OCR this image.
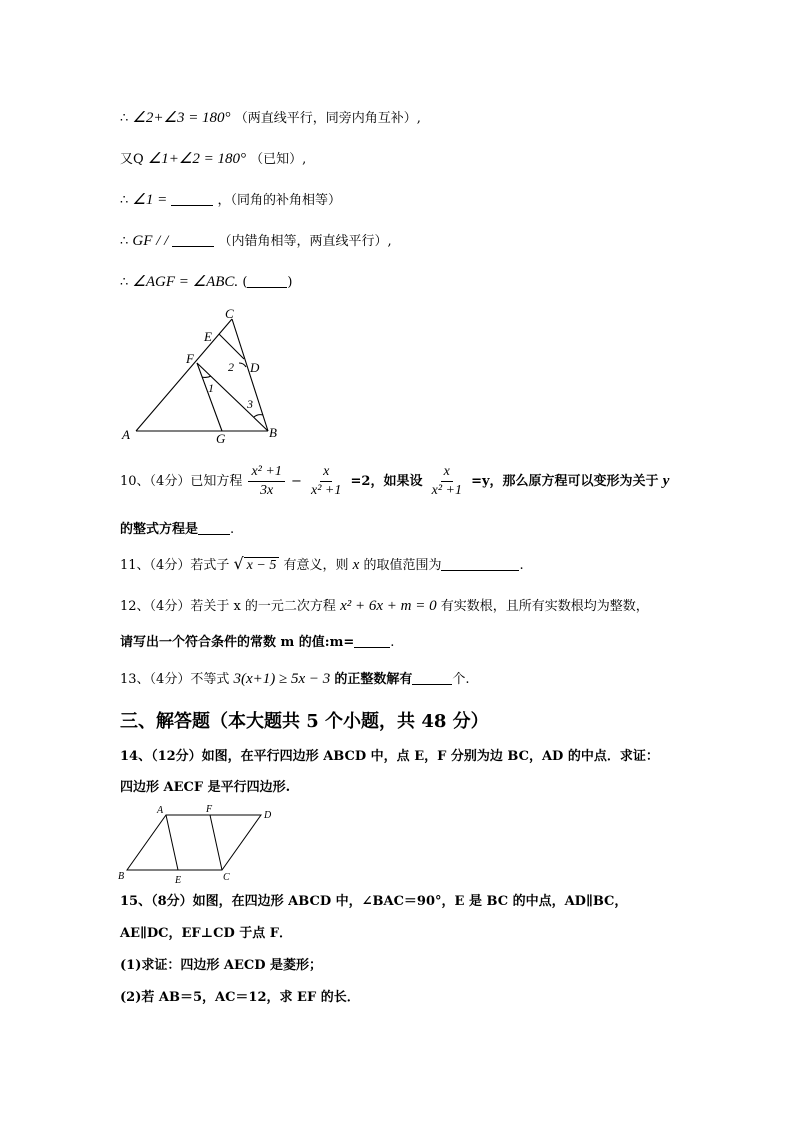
∴ ∠2+∠3 = 180° （两直线平行，同旁内角互补）,
又Q ∠1+∠2 = 180° （已知）,
∴ ∠1 =	，（同角的补角相等）
∴ GF / /	（内错角相等，两直线平行）,
∴ ∠AGF = ∠ABC. (	)
C
E
F
D
2
1
3
A	G	B
10、（4分）已知方程 $\frac{\text{x² +1}}{3x} - \frac{x}{\text{x² +1}} =2$，如果设 $\frac{x}{\text{x² +1}} =y$，那么原方程可以变形为关于 y
的整式方程是 .
11、（4分）若式子 √ x − 5 有意义，则 x 的取值范围为	.
12、（4分）若关于 x 的一元二次方程 x² + 6x + m = 0 有实数根，且所有实数根均为整数，
请写出一个符合条件的常数 m 的值:m=	.
13、（4分）不等式 3(x+1) ≥ 5x − 3 的正整数解有	个.
三、解答题（本大题共 5 个小题，共 48 分）
14、（12分）如图，在平行四边形 ABCD 中，点 E，F 分别为边 BC，AD 的中点．求证：
四边形 AECF 是平行四边形.
A	F
D
B	E	C
15、（8分）如图，在四边形 ABCD 中，∠BAC＝90°，E 是 BC 的中点，AD∥BC，
AE∥DC，EF⊥CD 于点 F．
(1)求证：四边形 AECD 是菱形；
(2)若 AB＝5，AC＝12，求 EF 的长．
